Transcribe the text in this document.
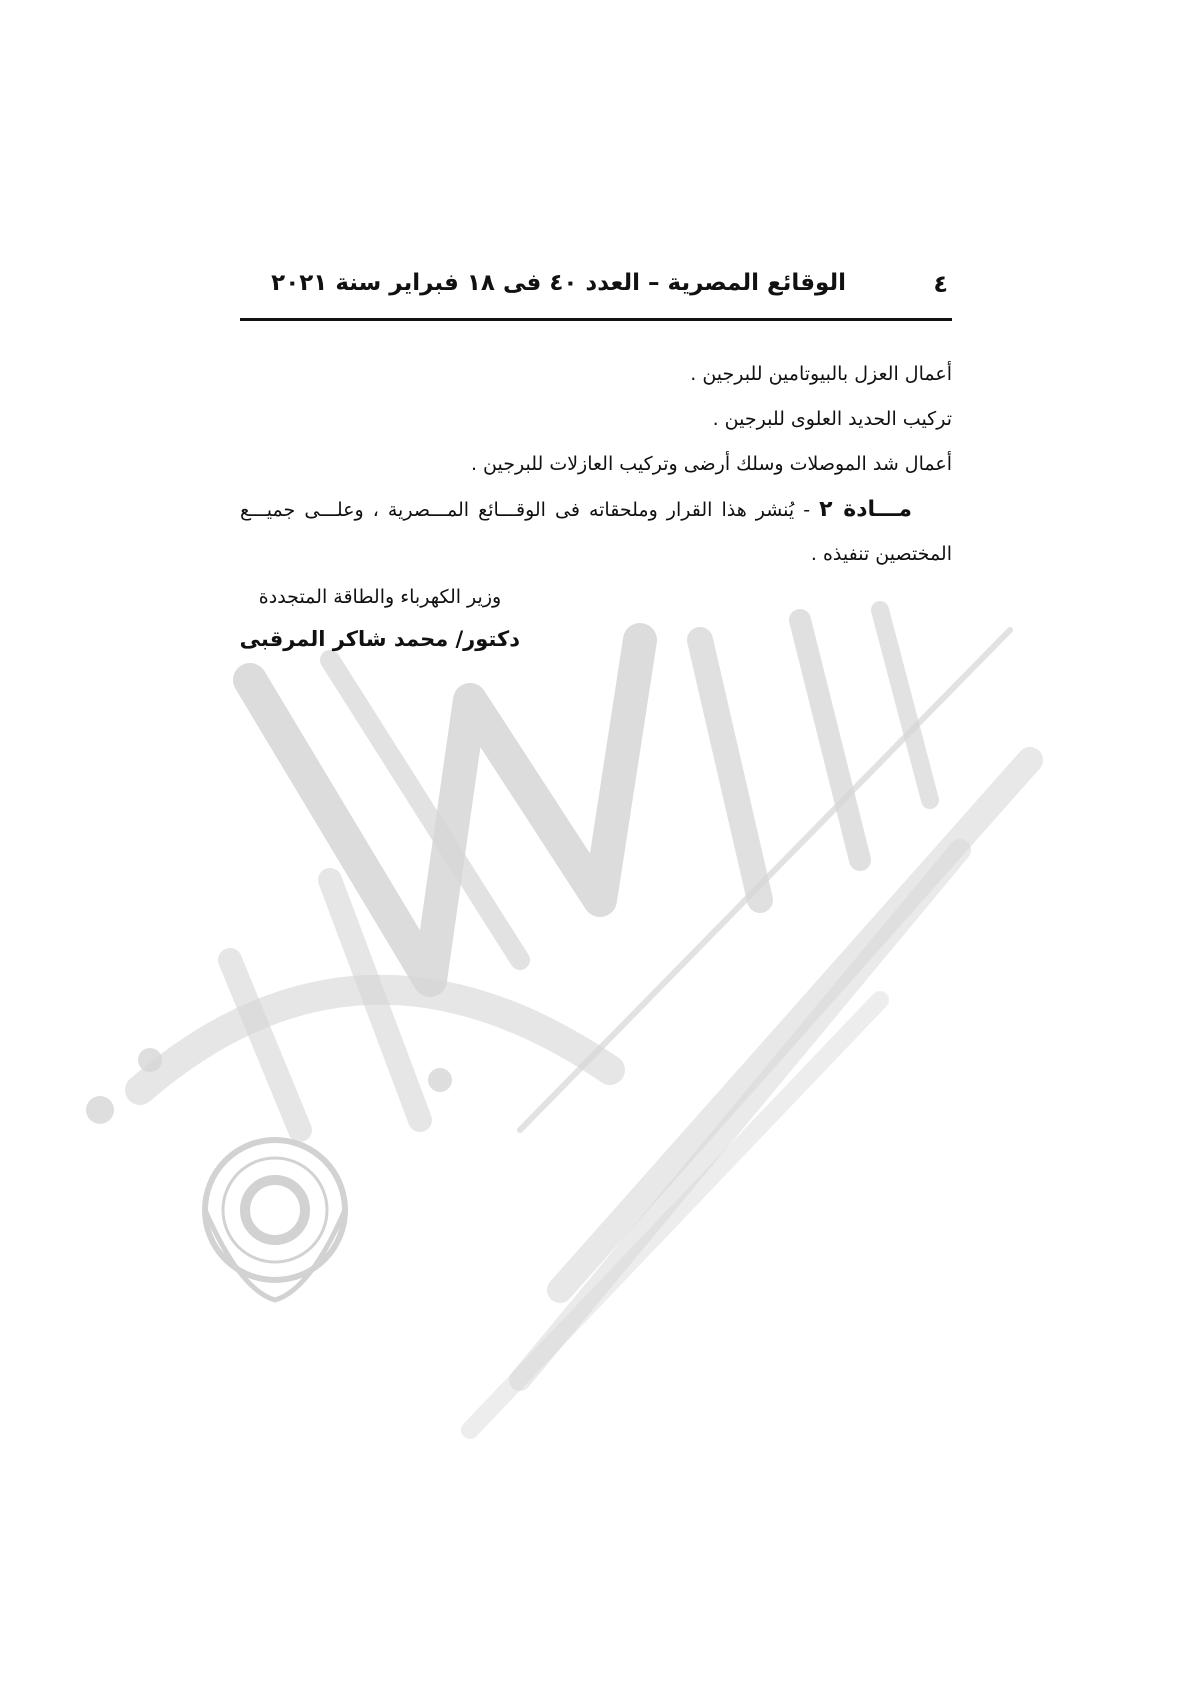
٤
الوقائع المصرية – العدد ٤٠ فى ١٨ فبراير سنة ٢٠٢١
أعمال العزل بالبيوتامين للبرجين .
تركيب الحديد العلوى للبرجين .
أعمال شد الموصلات وسلك أرضى وتركيب العازلات للبرجين .
مـــادة ٢ - يُنشر هذا القرار وملحقاته فى الوقـــائع المـــصرية ، وعلـــى جميـــع
المختصين تنفيذه .
وزير الكهرباء والطاقة المتجددة
دكتور/ محمد شاكر المرقبى
